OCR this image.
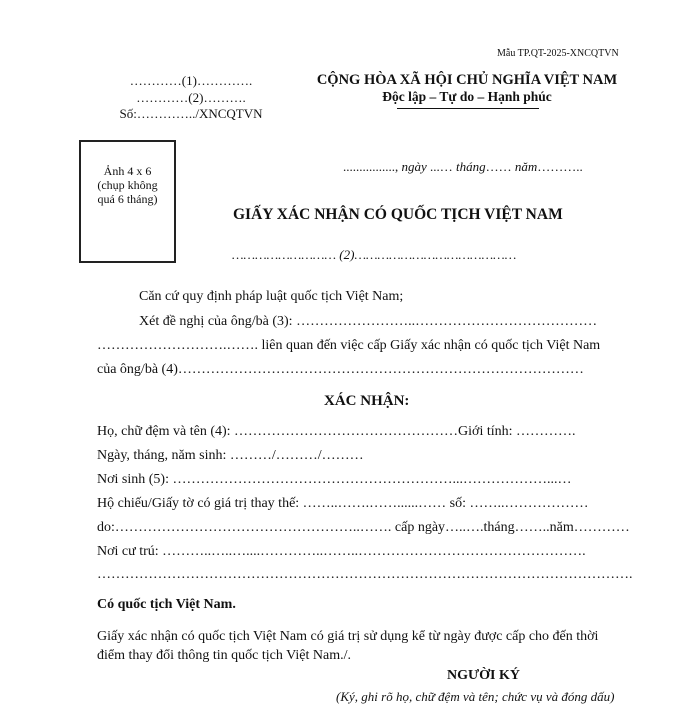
Mẫu TP.QT-2025-XNCQTVN
…………(1)………….
…………(2)……….
Số:…………../XNCQTVN
CỘNG HÒA XÃ HỘI CHỦ NGHĨA VIỆT NAM
Độc lập – Tự do – Hạnh phúc
Ảnh 4 x 6
(chụp không
quá 6 tháng)
................, ngày ...… tháng…… năm………..
GIẤY XÁC NHẬN CÓ QUỐC TỊCH VIỆT NAM
……………………… (2)……………………………………
Căn cứ quy định pháp luật quốc tịch Việt Nam;
Xét đề nghị của ông/bà (3): ……………………..…………………………………
……………………….……. liên quan đến việc cấp Giấy xác nhận có quốc tịch Việt Nam
của ông/bà (4)……………………………………………………………………………
XÁC NHẬN:
Họ, chữ đệm và tên (4): …………………………………………Giới tính: ………….
Ngày, tháng, năm sinh: ………/………/………
Nơi sinh (5): ……………………………………………………...………………...…
Hộ chiếu/Giấy tờ có giá trị thay thế: ……..…….……......…… số: ……..………………
do:……………………………………………..……. cấp ngày…..….tháng……..năm…………
Nơi cư trú: ………..…..…....…………..……..………………………………………….
…………………………………………………………………………………………………….
Có quốc tịch Việt Nam.
Giấy xác nhận có quốc tịch Việt Nam có giá trị sử dụng kể từ ngày được cấp cho đến thời
điểm thay đổi thông tin quốc tịch Việt Nam./.
NGƯỜI KÝ
(Ký, ghi rõ họ, chữ đệm và tên; chức vụ và đóng dấu)
